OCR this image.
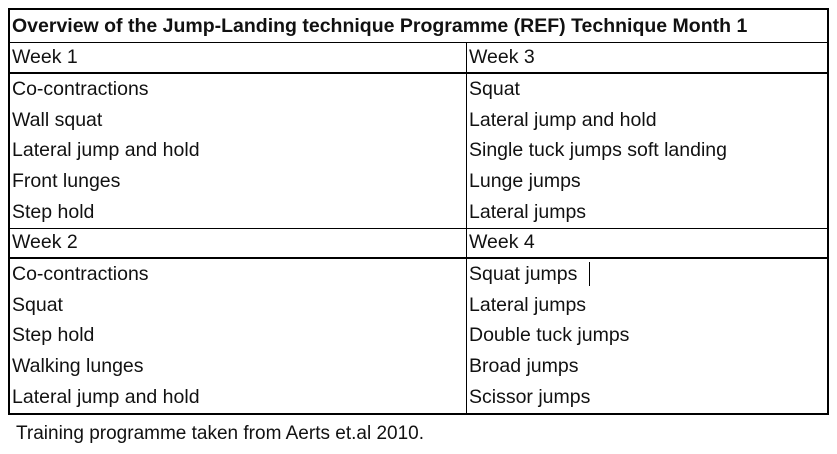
Overview of the Jump-Landing technique Programme (REF) Technique Month 1
Week 1	Week 3
Co-contractions
Wall squat
Lateral jump and hold
Front lunges
Step hold
Squat
Lateral jump and hold
Single tuck jumps soft landing
Lunge jumps
Lateral jumps
Week 2	Week 4
Co-contractions
Squat
Step hold
Walking lunges
Lateral jump and hold
Squat jumps
Lateral jumps
Double tuck jumps
Broad jumps
Scissor jumps
Training programme taken from Aerts et.al 2010.
